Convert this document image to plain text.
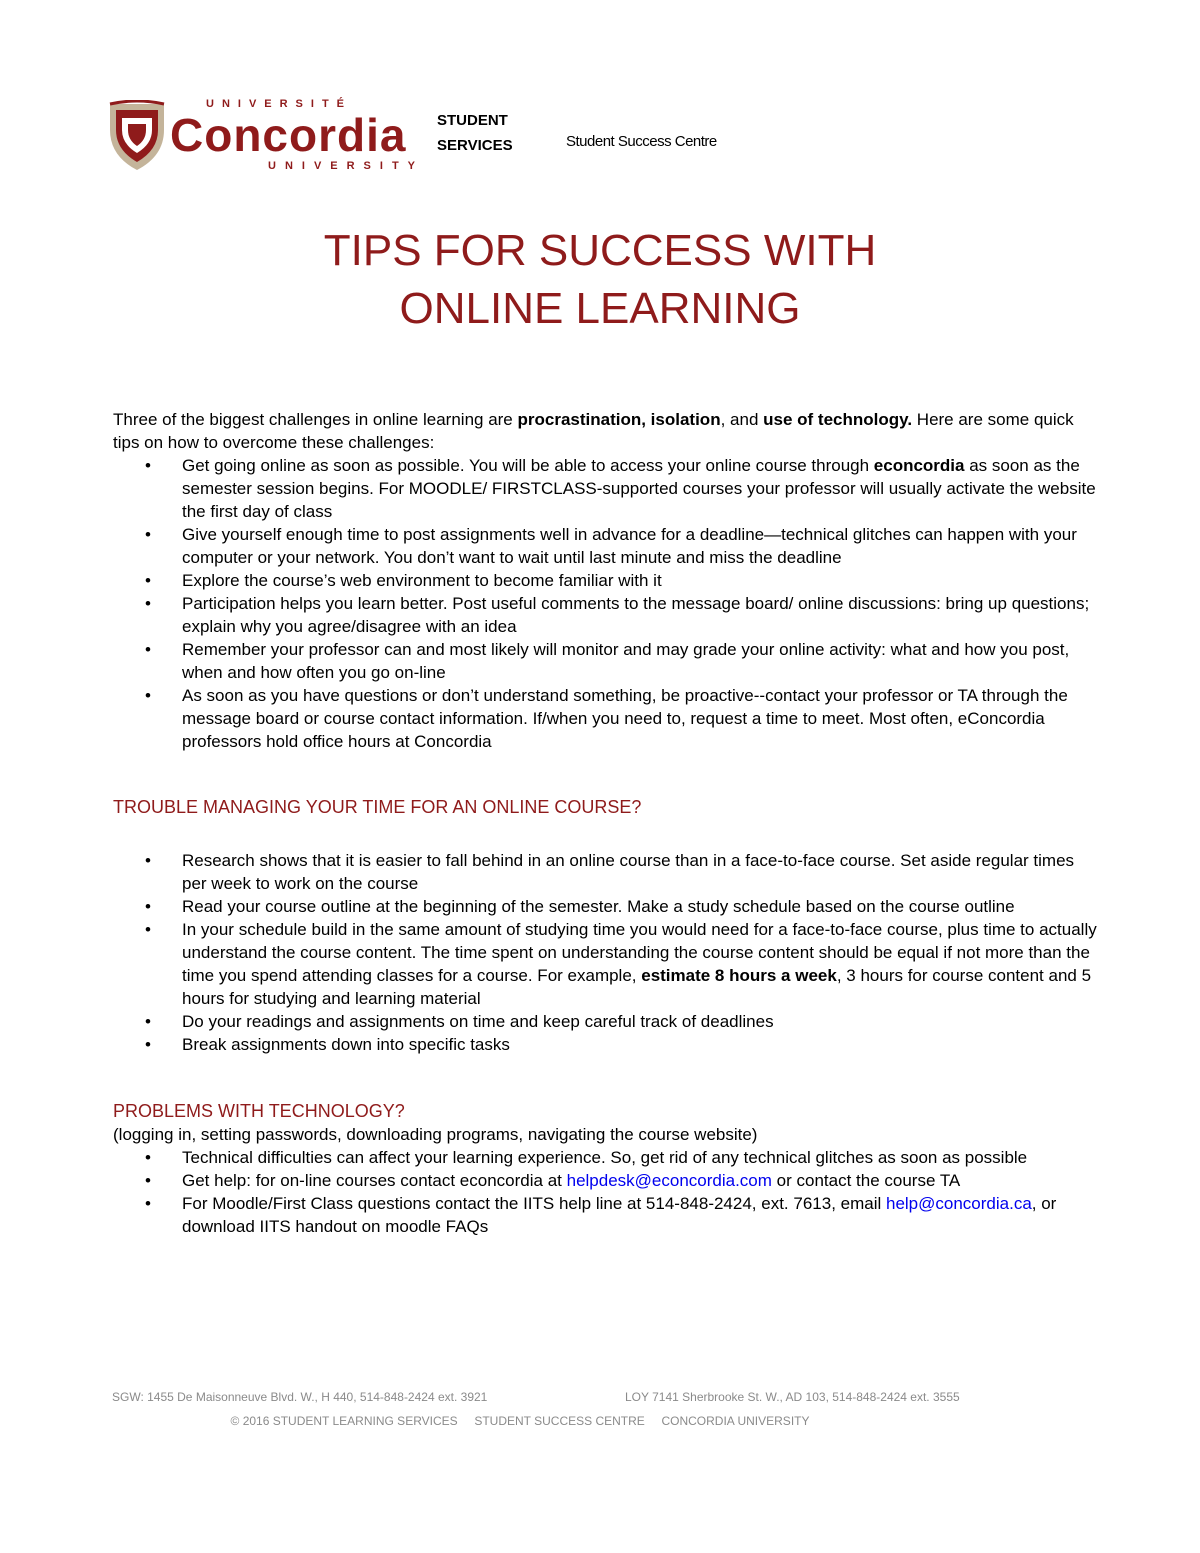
UNIVERSITÉ
Concordia
UNIVERSITY
STUDENT
SERVICES	Student Success Centre
TIPS FOR SUCCESS WITH
ONLINE LEARNING

Three of the biggest challenges in online learning are procrastination, isolation, and use of technology. Here are some quick tips on how to overcome these challenges:

• Get going online as soon as possible. You will be able to access your online course through econcordia as soon as the semester session begins. For MOODLE/ FIRSTCLASS-supported courses your professor will usually activate the website the first day of class
• Give yourself enough time to post assignments well in advance for a deadline—technical glitches can happen with your computer or your network. You don’t want to wait until last minute and miss the deadline
• Explore the course’s web environment to become familiar with it
• Participation helps you learn better. Post useful comments to the message board/ online discussions: bring up questions; explain why you agree/disagree with an idea
• Remember your professor can and most likely will monitor and may grade your online activity: what and how you post, when and how often you go on-line
• As soon as you have questions or don’t understand something, be proactive--contact your professor or TA through the message board or course contact information. If/when you need to, request a time to meet. Most often, eConcordia professors hold office hours at Concordia
TROUBLE MANAGING YOUR TIME FOR AN ONLINE COURSE?
• Research shows that it is easier to fall behind in an online course than in a face-to-face course. Set aside regular times per week to work on the course
• Read your course outline at the beginning of the semester. Make a study schedule based on the course outline
• In your schedule build in the same amount of studying time you would need for a face-to-face course, plus time to actually understand the course content. The time spent on understanding the course content should be equal if not more than the time you spend attending classes for a course. For example, estimate 8 hours a week, 3 hours for course content and 5 hours for studying and learning material
• Do your readings and assignments on time and keep careful track of deadlines
• Break assignments down into specific tasks
PROBLEMS WITH TECHNOLOGY?

(logging in, setting passwords, downloading programs, navigating the course website)

• Technical difficulties can affect your learning experience. So, get rid of any technical glitches as soon as possible
• Get help: for on-line courses contact econcordia at helpdesk@econcordia.com or contact the course TA
• For Moodle/First Class questions contact the IITS help line at 514-848-2424, ext. 7613, email help@concordia.ca, or download IITS handout on moodle FAQs
SGW: 1455 De Maisonneuve Blvd. W., H 440, 514-848-2424 ext. 3921	LOY 7141 Sherbrooke St. W., AD 103, 514-848-2424 ext. 3555
© 2016 STUDENT LEARNING SERVICES     STUDENT SUCCESS CENTRE     CONCORDIA UNIVERSITY
